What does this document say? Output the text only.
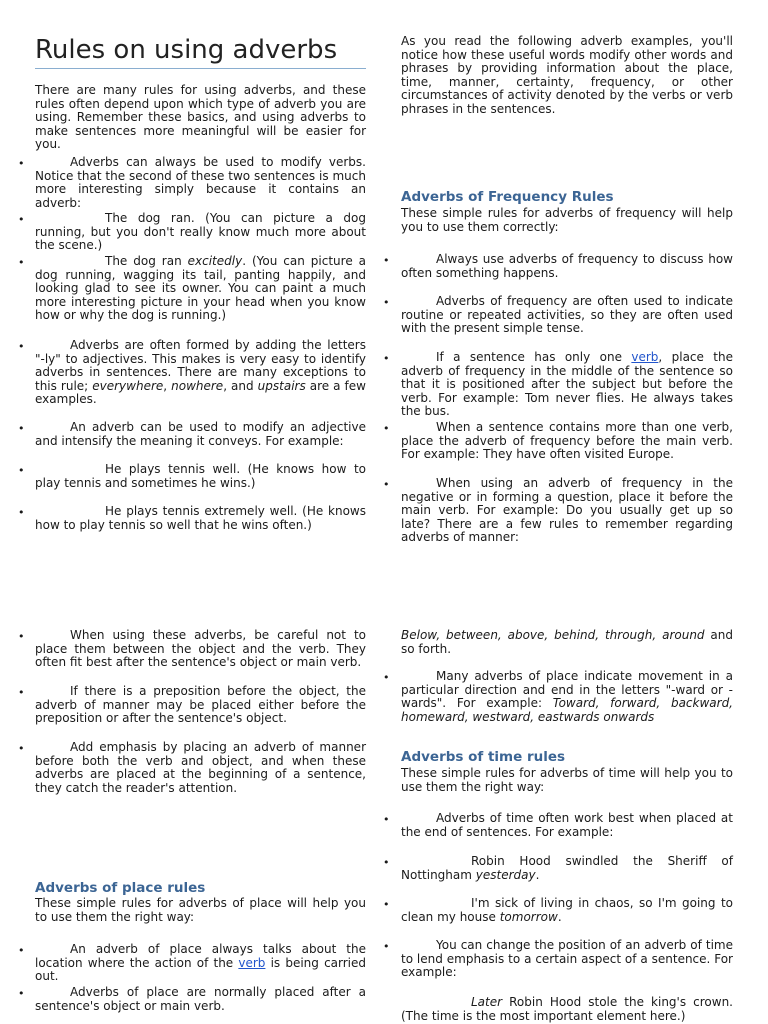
Rules on using adverbs
There are many rules for using adverbs, and these rules often depend upon which type of adverb you are using. Remember these basics, and using adverbs to make sentences more meaningful will be easier for you.
•	Adverbs can always be used to modify verbs. Notice that the second of these two sentences is much more interesting simply because it contains an adverb:
•	The dog ran. (You can picture a dog running, but you don't really know much more about the scene.)
•	The dog ran excitedly. (You can picture a dog running, wagging its tail, panting happily, and looking glad to see its owner. You can paint a much more interesting picture in your head when you know how or why the dog is running.)
•	Adverbs are often formed by adding the letters "-ly" to adjectives. This makes is very easy to identify adverbs in sentences. There are many exceptions to this rule; everywhere, nowhere, and upstairs are a few examples.
•	An adverb can be used to modify an adjective and intensify the meaning it conveys. For example:
•	He plays tennis well. (He knows how to play tennis and sometimes he wins.)
•	He plays tennis extremely well. (He knows how to play tennis so well that he wins often.)
As you read the following adverb examples, you'll notice how these useful words modify other words and phrases by providing information about the place, time, manner, certainty, frequency, or other circumstances of activity denoted by the verbs or verb phrases in the sentences.
Adverbs of Frequency Rules
These simple rules for adverbs of frequency will help you to use them correctly:
•	Always use adverbs of frequency to discuss how often something happens.
•	Adverbs of frequency are often used to indicate routine or repeated activities, so they are often used with the present simple tense.
•	If a sentence has only one verb, place the adverb of frequency in the middle of the sentence so that it is positioned after the subject but before the verb. For example: Tom never flies. He always takes the bus.
•	When a sentence contains more than one verb, place the adverb of frequency before the main verb. For example: They have often visited Europe.
•	When using an adverb of frequency in the negative or in forming a question, place it before the main verb. For example: Do you usually get up so late? There are a few rules to remember regarding adverbs of manner:
•	When using these adverbs, be careful not to place them between the object and the verb. They often fit best after the sentence's object or main verb.
•	If there is a preposition before the object, the adverb of manner may be placed either before the preposition or after the sentence's object.
•	Add emphasis by placing an adverb of manner before both the verb and object, and when these adverbs are placed at the beginning of a sentence, they catch the reader's attention.
Adverbs of place rules
These simple rules for adverbs of place will help you to use them the right way:
•	An adverb of place always talks about the location where the action of the verb is being carried out.
•	Adverbs of place are normally placed after a sentence's object or main verb.
Below, between, above, behind, through, around and so forth.
•	Many adverbs of place indicate movement in a particular direction and end in the letters "-ward or -wards". For example: Toward, forward, backward, homeward, westward, eastwards onwards
Adverbs of time rules
These simple rules for adverbs of time will help you to use them the right way:
•	Adverbs of time often work best when placed at the end of sentences. For example:
•	Robin Hood swindled the Sheriff of Nottingham yesterday.
•	I'm sick of living in chaos, so I'm going to clean my house tomorrow.
•	You can change the position of an adverb of time to lend emphasis to a certain aspect of a sentence. For example:
Later Robin Hood stole the king's crown. (The time is the most important element here.)
